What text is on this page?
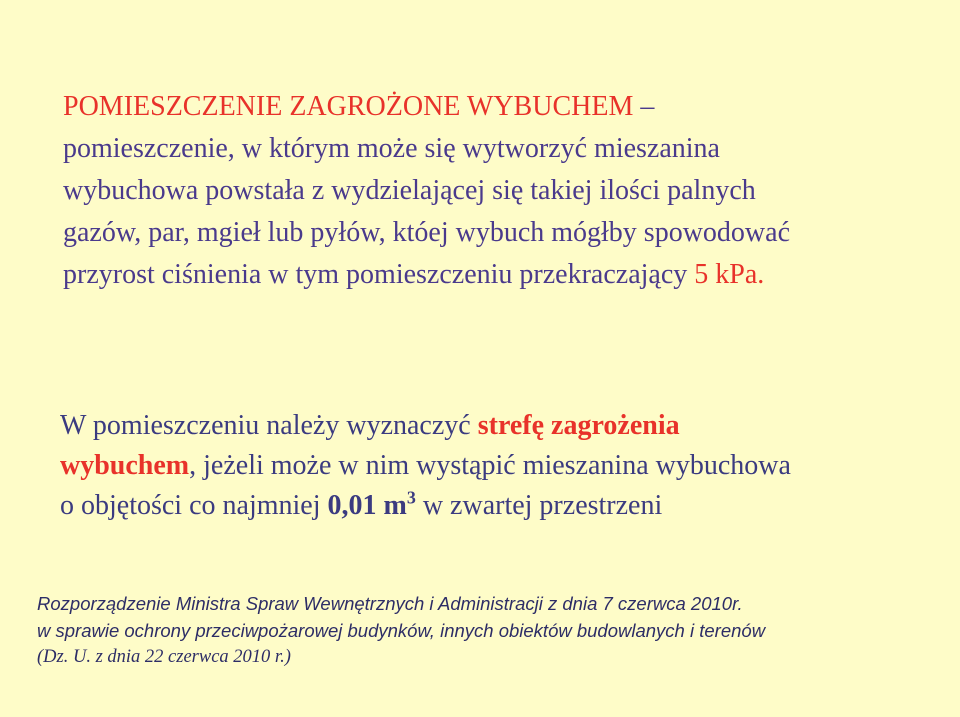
POMIESZCZENIE ZAGROŻONE WYBUCHEM –
pomieszczenie, w którym może się wytworzyć mieszanina
wybuchowa powstała z wydzielającej się takiej ilości palnych
gazów, par, mgieł lub pyłów, któej wybuch mógłby spowodować
przyrost ciśnienia w tym pomieszczeniu przekraczający 5 kPa.
W pomieszczeniu należy wyznaczyć strefę zagrożenia
wybuchem, jeżeli może w nim wystąpić mieszanina wybuchowa
o objętości co najmniej 0,01 $m^3$ w zwartej przestrzeni
Rozporządzenie Ministra Spraw Wewnętrznych i Administracji z dnia 7 czerwca 2010r.
w sprawie ochrony przeciwpożarowej budynków, innych obiektów budowlanych i terenów
(Dz. U. z dnia 22 czerwca 2010 r.)
